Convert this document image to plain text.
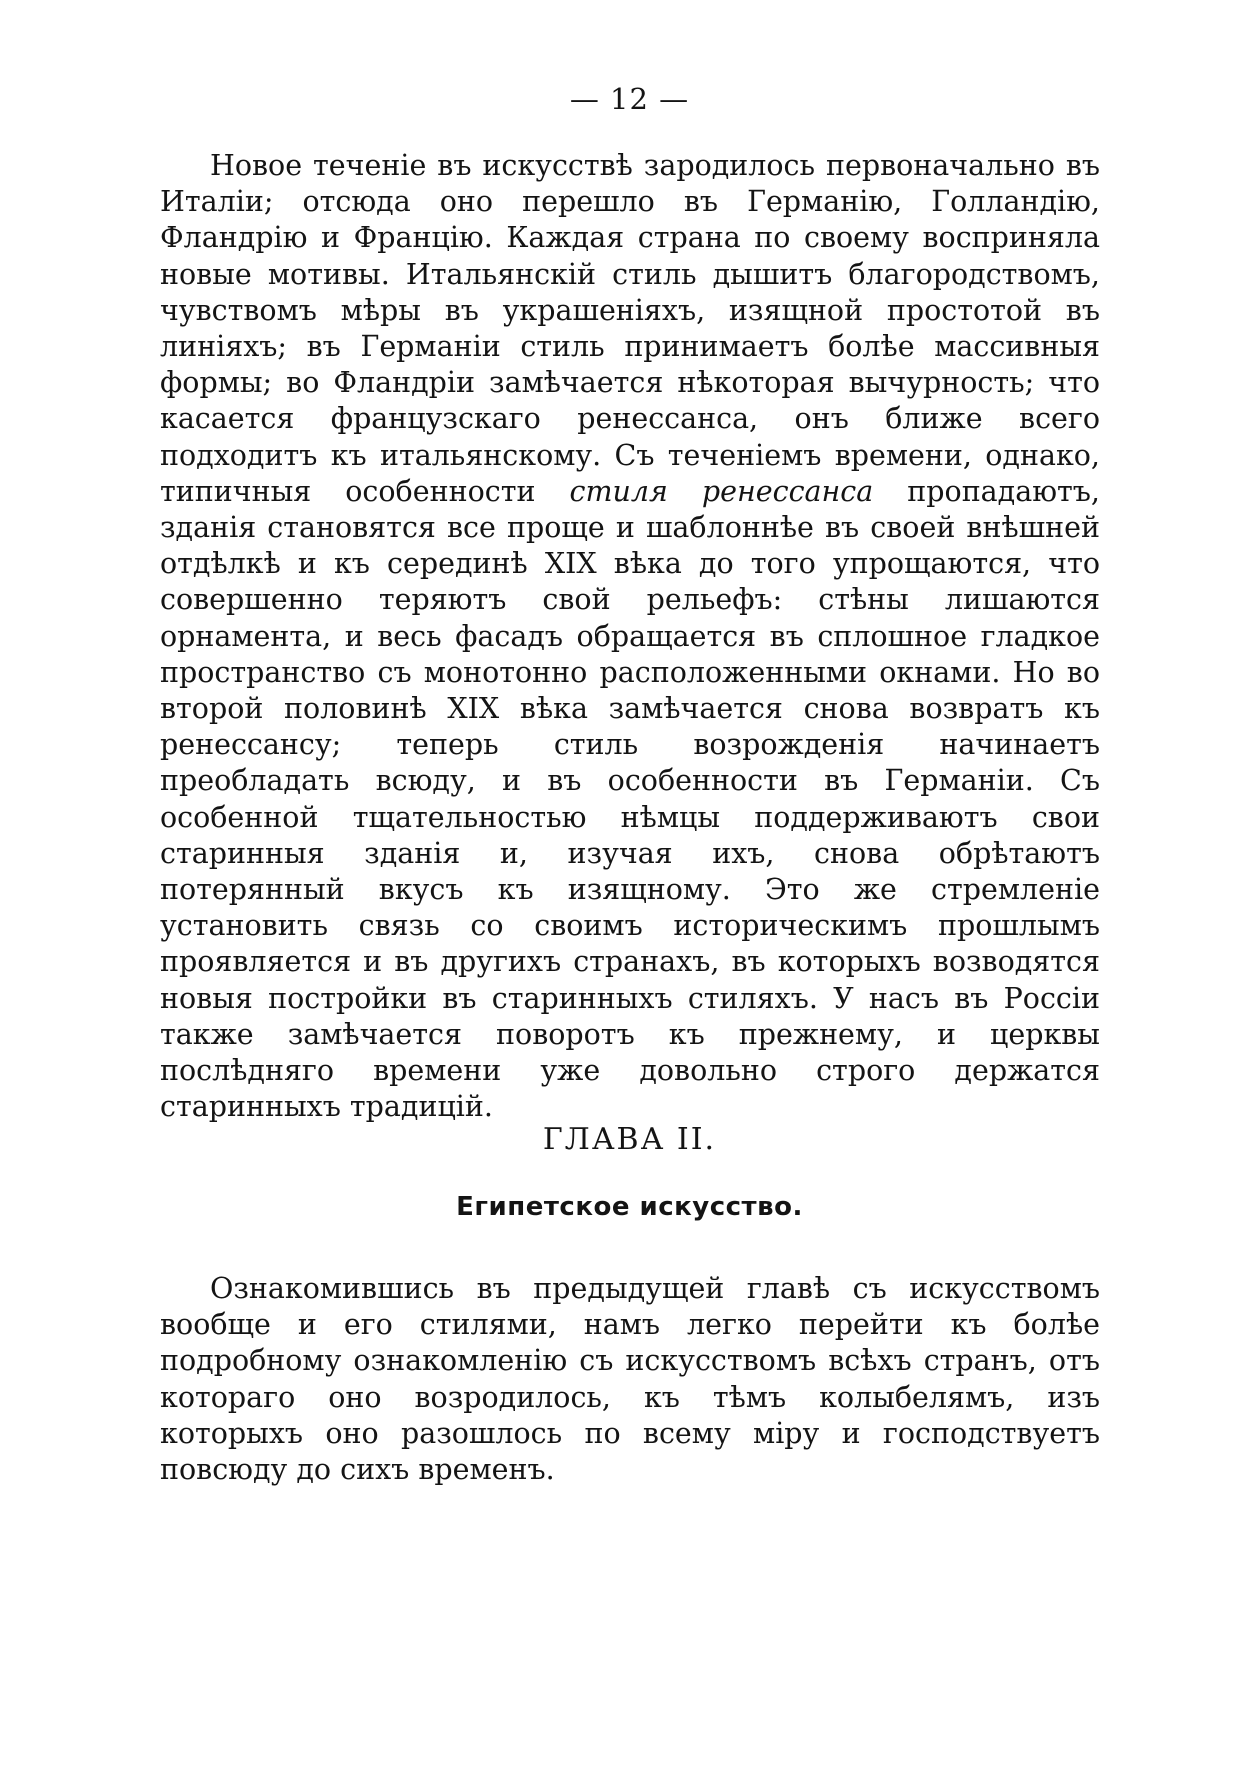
— 12 —

Новое теченіе въ искусствѣ зародилось первоначально въ Италіи; отсюда оно перешло въ Германію, Голландію, Фландрію и Францію. Каждая страна по своему восприняла новые мотивы. Итальянскій стиль дышитъ благородствомъ, чувствомъ мѣры въ украшеніяхъ, изящной простотой въ линіяхъ; въ Германіи стиль принимаетъ болѣе массивныя формы; во Фландріи замѣчается нѣкоторая вычурность; что касается французскаго ренессанса, онъ ближе всего подходитъ къ итальянскому. Съ теченіемъ времени, однако, типичныя особенности стиля ренессанса пропадаютъ, зданія становятся все проще и шаблоннѣе въ своей внѣшней отдѣлкѣ и къ серединѣ XIX вѣка до того упрощаются, что совершенно теряютъ свой рельефъ: стѣны лишаются орнамента, и весь фасадъ обращается въ сплошное гладкое пространство съ монотонно расположенными окнами. Но во второй половинѣ XIX вѣка замѣчается снова возвратъ къ ренессансу; теперь стиль возрожденія начинаетъ преобладать всюду, и въ особенности въ Германіи. Съ особенной тщательностью нѣмцы поддерживаютъ свои старинныя зданія и, изучая ихъ, снова обрѣтаютъ потерянный вкусъ къ изящному. Это же стремленіе установить связь со своимъ историческимъ прошлымъ проявляется и въ другихъ странахъ, въ которыхъ возводятся новыя постройки въ старинныхъ стиляхъ. У насъ въ Россіи также замѣчается поворотъ къ прежнему, и церквы послѣдняго времени уже довольно строго держатся старинныхъ традицій.

ГЛАВА II.
Египетское искусство.

Ознакомившись въ предыдущей главѣ съ искусствомъ вообще и его стилями, намъ легко перейти къ болѣе подробному ознакомленію съ искусствомъ всѣхъ странъ, отъ котораго оно возродилось, къ тѣмъ колыбелямъ, изъ которыхъ оно разошлось по всему міру и господствуетъ повсюду до сихъ временъ.
